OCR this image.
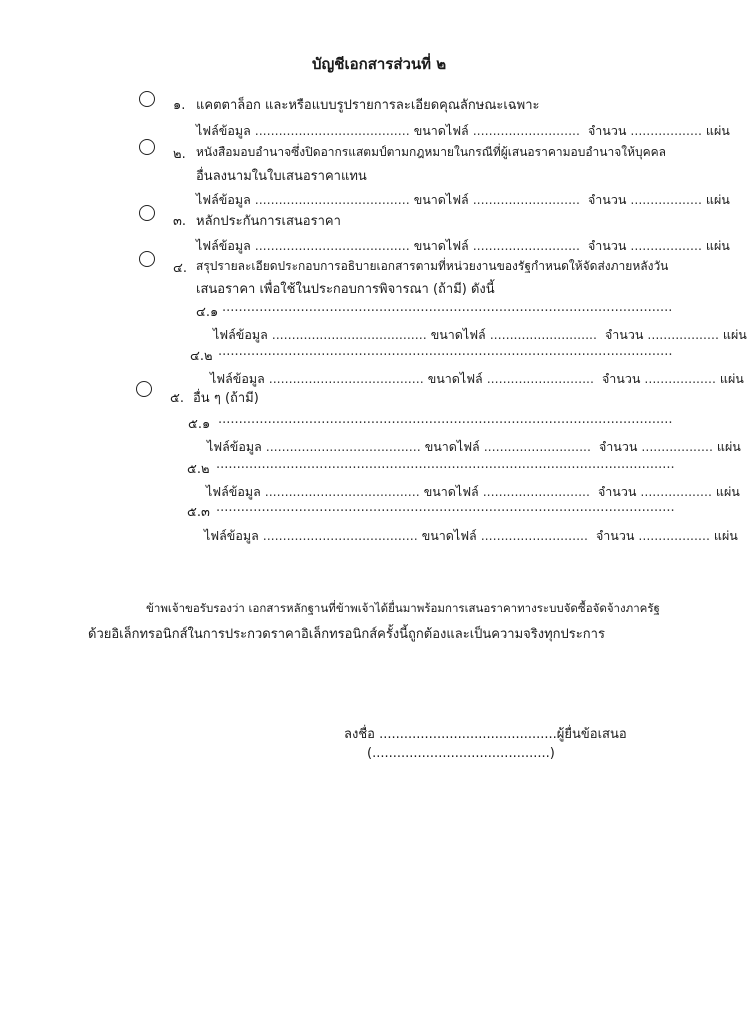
บัญชีเอกสารส่วนที่ ๒
๑. แคตตาล็อก และหรือแบบรูปรายการละเอียดคุณลักษณะเฉพาะ
ไฟล์ข้อมูล ....................................... ขนาดไฟล์ ........................... จำนวน .................. แผ่น
๒. หนังสือมอบอำนาจซึ่งปิดอากรแสตมป์ตามกฎหมายในกรณีที่ผู้เสนอราคามอบอำนาจให้บุคคล
อื่นลงนามในใบเสนอราคาแทน
ไฟล์ข้อมูล ....................................... ขนาดไฟล์ ........................... จำนวน .................. แผ่น
๓. หลักประกันการเสนอราคา
ไฟล์ข้อมูล ....................................... ขนาดไฟล์ ........................... จำนวน .................. แผ่น
๔. สรุปรายละเอียดประกอบการอธิบายเอกสารตามที่หน่วยงานของรัฐกำหนดให้จัดส่งภายหลังวัน
เสนอราคา เพื่อใช้ในประกอบการพิจารณา (ถ้ามี) ดังนี้
๔.๑ .............................................................................................................
ไฟล์ข้อมูล ....................................... ขนาดไฟล์ ........................... จำนวน .................. แผ่น
๔.๒ ..............................................................................................................
ไฟล์ข้อมูล ....................................... ขนาดไฟล์ ........................... จำนวน .................. แผ่น
๕. อื่น ๆ (ถ้ามี)
๕.๑ ..............................................................................................................
ไฟล์ข้อมูล ....................................... ขนาดไฟล์ ........................... จำนวน .................. แผ่น
๕.๒ ...............................................................................................................
ไฟล์ข้อมูล ....................................... ขนาดไฟล์ ........................... จำนวน .................. แผ่น
๕.๓ ...............................................................................................................
ไฟล์ข้อมูล ....................................... ขนาดไฟล์ ........................... จำนวน .................. แผ่น
ข้าพเจ้าขอรับรองว่า เอกสารหลักฐานที่ข้าพเจ้าได้ยื่นมาพร้อมการเสนอราคาทางระบบจัดซื้อจัดจ้างภาครัฐ
ด้วยอิเล็กทรอนิกส์ในการประกวดราคาอิเล็กทรอนิกส์ครั้งนี้ถูกต้องและเป็นความจริงทุกประการ
ลงชื่อ ...........................................ผู้ยื่นข้อเสนอ
(...........................................)
